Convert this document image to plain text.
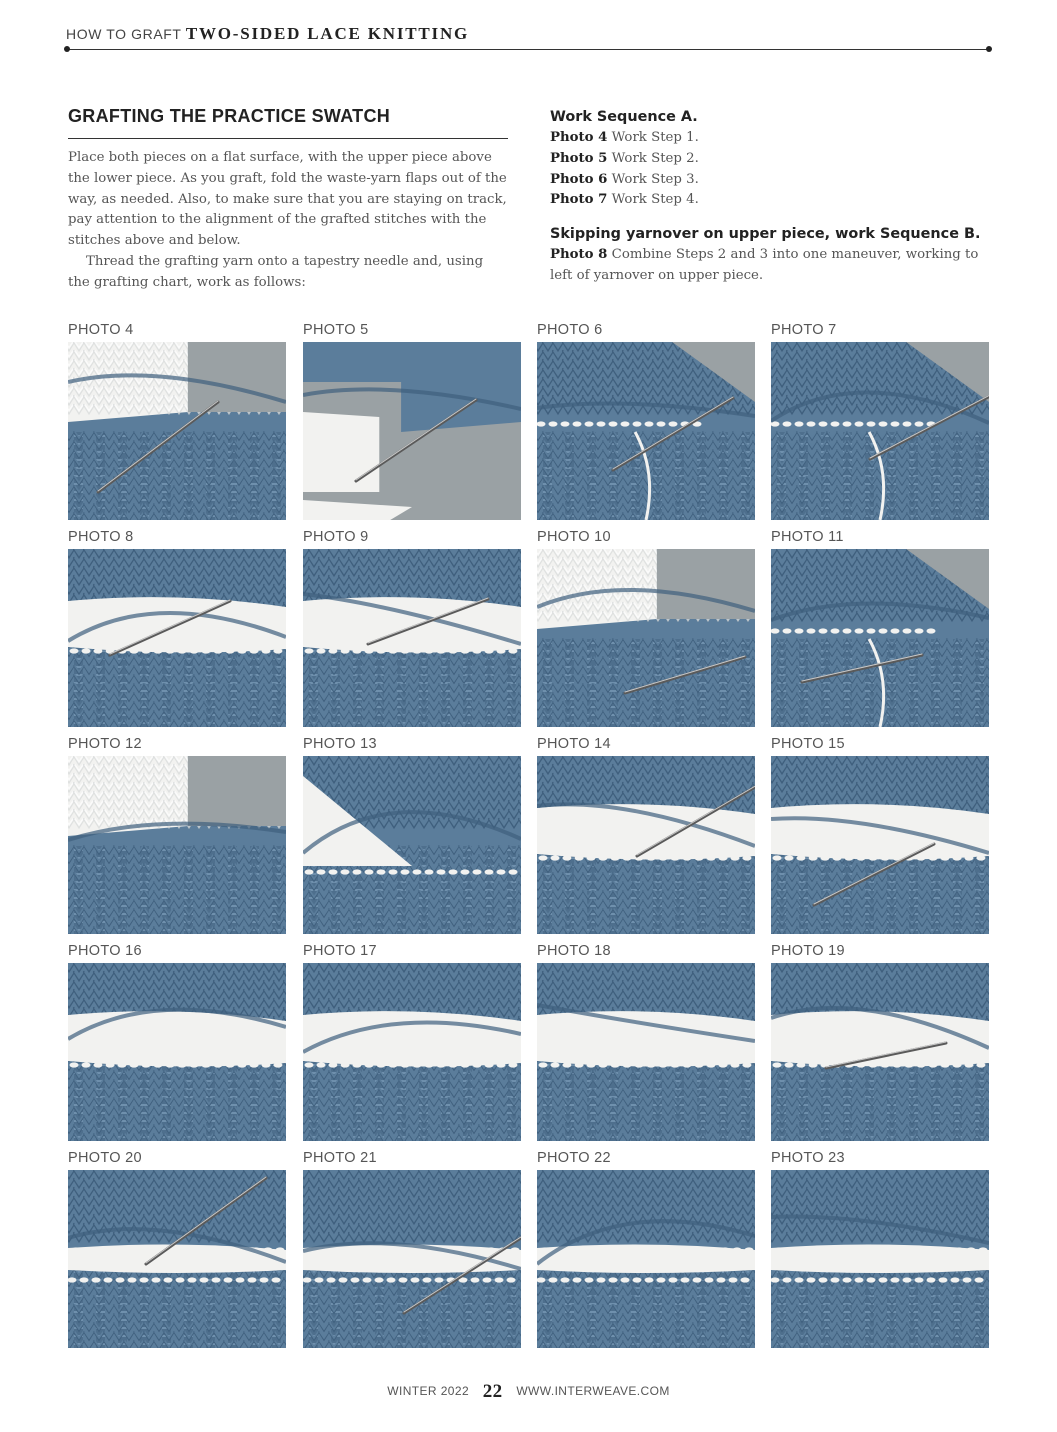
HOW TO GRAFT TWO-SIDED LACE KNITTING
GRAFTING THE PRACTICE SWATCH

Place both pieces on a flat surface, with the upper piece above the lower piece. As you graft, fold the waste-yarn flaps out of the way, as needed. Also, to make sure that you are staying on track, pay attention to the alignment of the grafted stitches with the stitches above and below.

Thread the grafting yarn onto a tapestry needle and, using the grafting chart, work as follows:

Work Sequence A.

Photo 4 Work Step 1.

Photo 5 Work Step 2.

Photo 6 Work Step 3.

Photo 7 Work Step 4.

Skipping yarnover on upper piece, work Sequence B.

Photo 8 Combine Steps 2 and 3 into one maneuver, working to left of yarnover on upper piece.

PHOTO 4	PHOTO 5	PHOTO 6	PHOTO 7
PHOTO 8	PHOTO 9	PHOTO 10	PHOTO 11
PHOTO 12	PHOTO 13	PHOTO 14	PHOTO 15
PHOTO 16	PHOTO 17	PHOTO 18	PHOTO 19
PHOTO 20	PHOTO 21	PHOTO 22	PHOTO 23
WINTER 2022 22 WWW.INTERWEAVE.COM
